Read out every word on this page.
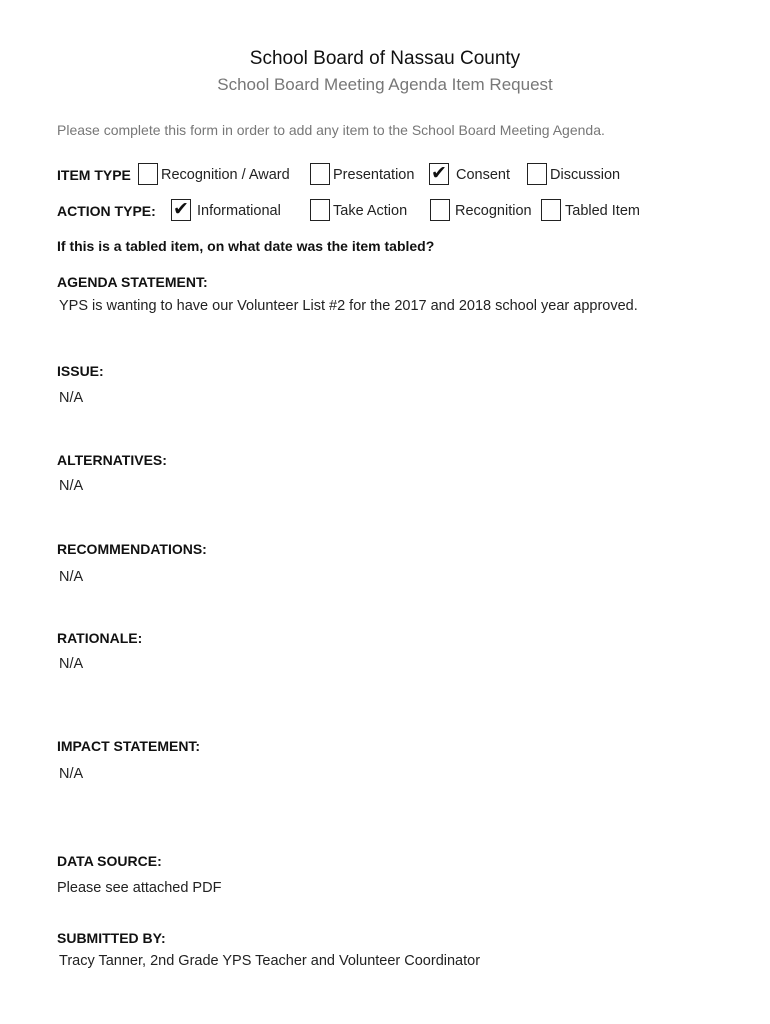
School Board of Nassau County
School Board Meeting Agenda Item Request
Please complete this form in order to add any item to the School Board Meeting Agenda.
ITEM TYPE Recognition / Award	Presentation ✔ Consent	Discussion
ACTION TYPE: ✔ Informational	Take Action	Recognition Tabled Item
If this is a tabled item, on what date was the item tabled?
AGENDA STATEMENT:
YPS is wanting to have our Volunteer List #2 for the 2017 and 2018 school year approved.
ISSUE:
N/A
ALTERNATIVES:
N/A
RECOMMENDATIONS:
N/A
RATIONALE:
N/A
IMPACT STATEMENT:
N/A
DATA SOURCE:
Please see attached PDF
SUBMITTED BY:
Tracy Tanner, 2nd Grade YPS Teacher and Volunteer Coordinator
